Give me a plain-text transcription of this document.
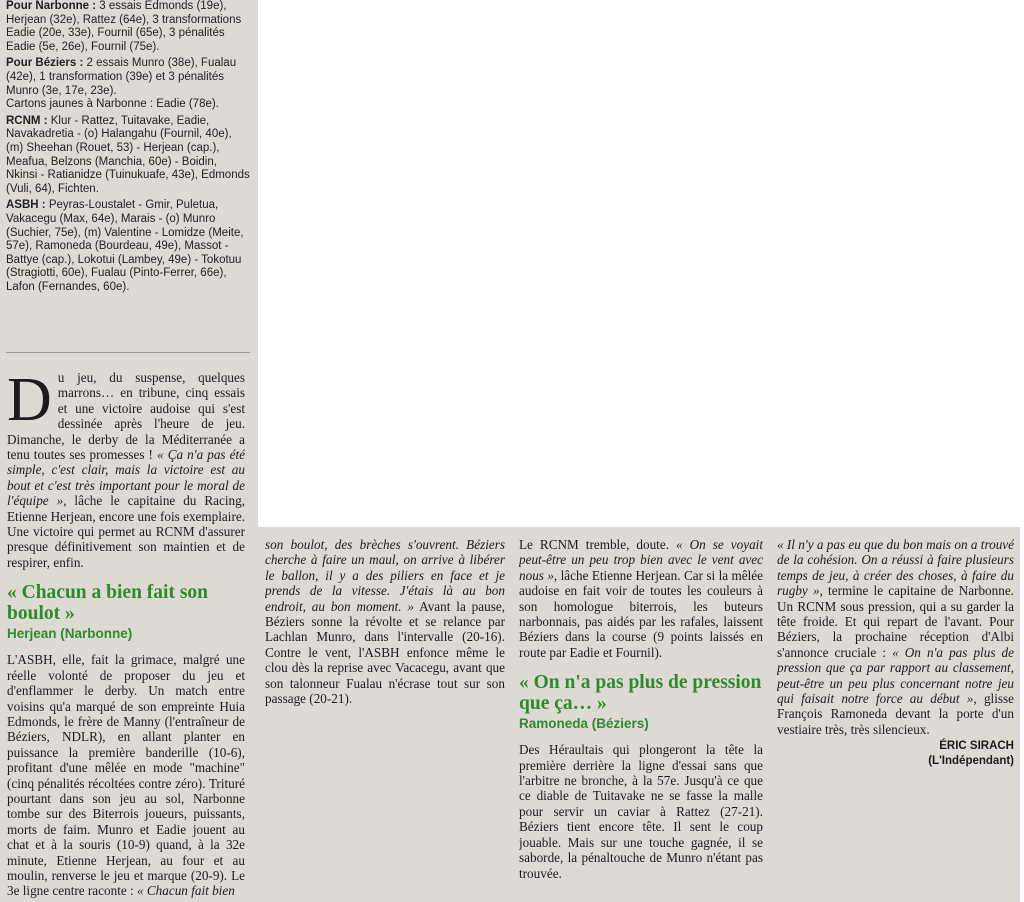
Pour Narbonne : 3 essais Edmonds (19e), Herjean (32e), Rattez (64e), 3 transformations Eadie (20e, 33e), Fournil (65e), 3 pénalités Eadie (5e, 26e), Fournil (75e).

Pour Béziers : 2 essais Munro (38e), Fualau (42e), 1 transformation (39e) et 3 pénalités Munro (3e, 17e, 23e).
Cartons jaunes à Narbonne : Eadie (78e).

RCNM : Klur - Rattez, Tuitavake, Eadie, Navakadretia - (o) Halangahu (Fournil, 40e), (m) Sheehan (Rouet, 53) - Herjean (cap.), Meafua, Belzons (Manchia, 60e) - Boidin, Nkinsi - Ratianidze (Tuinukuafe, 43e), Edmonds (Vuli, 64), Fichten.

ASBH : Peyras-Loustalet - Gmir, Puletua, Vakacegu (Max, 64e), Marais - (o) Munro (Suchier, 75e), (m) Valentine - Lomidze (Meite, 57e), Ramoneda (Bourdeau, 49e), Massot - Battye (cap.), Lokotui (Lambey, 49e) - Tokotuu (Stragiotti, 60e), Fualau (Pinto-Ferrer, 66e), Lafon (Fernandes, 60e).

Du jeu, du suspense, quelques marrons… en tribune, cinq essais et une victoire audoise qui s'est dessinée après l'heure de jeu. Dimanche, le derby de la Méditerranée a tenu toutes ses promesses ! « Ça n'a pas été simple, c'est clair, mais la victoire est au bout et c'est très important pour le moral de l'équipe », lâche le capitaine du Racing, Etienne Herjean, encore une fois exemplaire. Une victoire qui permet au RCNM d'assurer presque définitivement son maintien et de respirer, enfin.

« Chacun a bien fait son boulot »
Herjean (Narbonne)

L'ASBH, elle, fait la grimace, malgré une réelle volonté de proposer du jeu et d'enflammer le derby. Un match entre voisins qu'a marqué de son empreinte Huia Edmonds, le frère de Manny (l'entraîneur de Béziers, NDLR), en allant planter en puissance la première banderille (10-6), profitant d'une mêlée en mode "machine" (cinq pénalités récoltées contre zéro). Trituré pourtant dans son jeu au sol, Narbonne tombe sur des Biterrois joueurs, puissants, morts de faim. Munro et Eadie jouent au chat et à la souris (10-9) quand, à la 32e minute, Etienne Herjean, au four et au moulin, renverse le jeu et marque (20-9). Le 3e ligne centre raconte : « Chacun fait bien

son boulot, des brèches s'ouvrent. Béziers cherche à faire un maul, on arrive à libérer le ballon, il y a des piliers en face et je prends de la vitesse. J'étais là au bon endroit, au bon moment. » Avant la pause, Béziers sonne la révolte et se relance par Lachlan Munro, dans l'intervalle (20-16). Contre le vent, l'ASBH enfonce même le clou dès la reprise avec Vacacegu, avant que son talonneur Fualau n'écrase tout sur son passage (20-21).

Le RCNM tremble, doute. « On se voyait peut-être un peu trop bien avec le vent avec nous », lâche Etienne Herjean. Car si la mêlée audoise en fait voir de toutes les couleurs à son homologue biterrois, les buteurs narbonnais, pas aidés par les rafales, laissent Béziers dans la course (9 points laissés en route par Eadie et Fournil).

« On n'a pas plus de pression que ça… »
Ramoneda (Béziers)

Des Héraultais qui plongeront la tête la première derrière la ligne d'essai sans que l'arbitre ne bronche, à la 57e. Jusqu'à ce que ce diable de Tuitavake ne se fasse la malle pour servir un caviar à Rattez (27-21). Béziers tient encore tête. Il sent le coup jouable. Mais sur une touche gagnée, il se saborde, la pénaltouche de Munro n'étant pas trouvée.

« Il n'y a pas eu que du bon mais on a trouvé de la cohésion. On a réussi à faire plusieurs temps de jeu, à créer des choses, à faire du rugby », termine le capitaine de Narbonne. Un RCNM sous pression, qui a su garder la tête froide. Et qui repart de l'avant. Pour Béziers, la prochaine réception d'Albi s'annonce cruciale : « On n'a pas plus de pression que ça par rapport au classement, peut-être un peu plus concernant notre jeu qui faisait notre force au début », glisse François Ramoneda devant la porte d'un vestiaire très, très silencieux.

ÉRIC SIRACH
(L'Indépendant)
